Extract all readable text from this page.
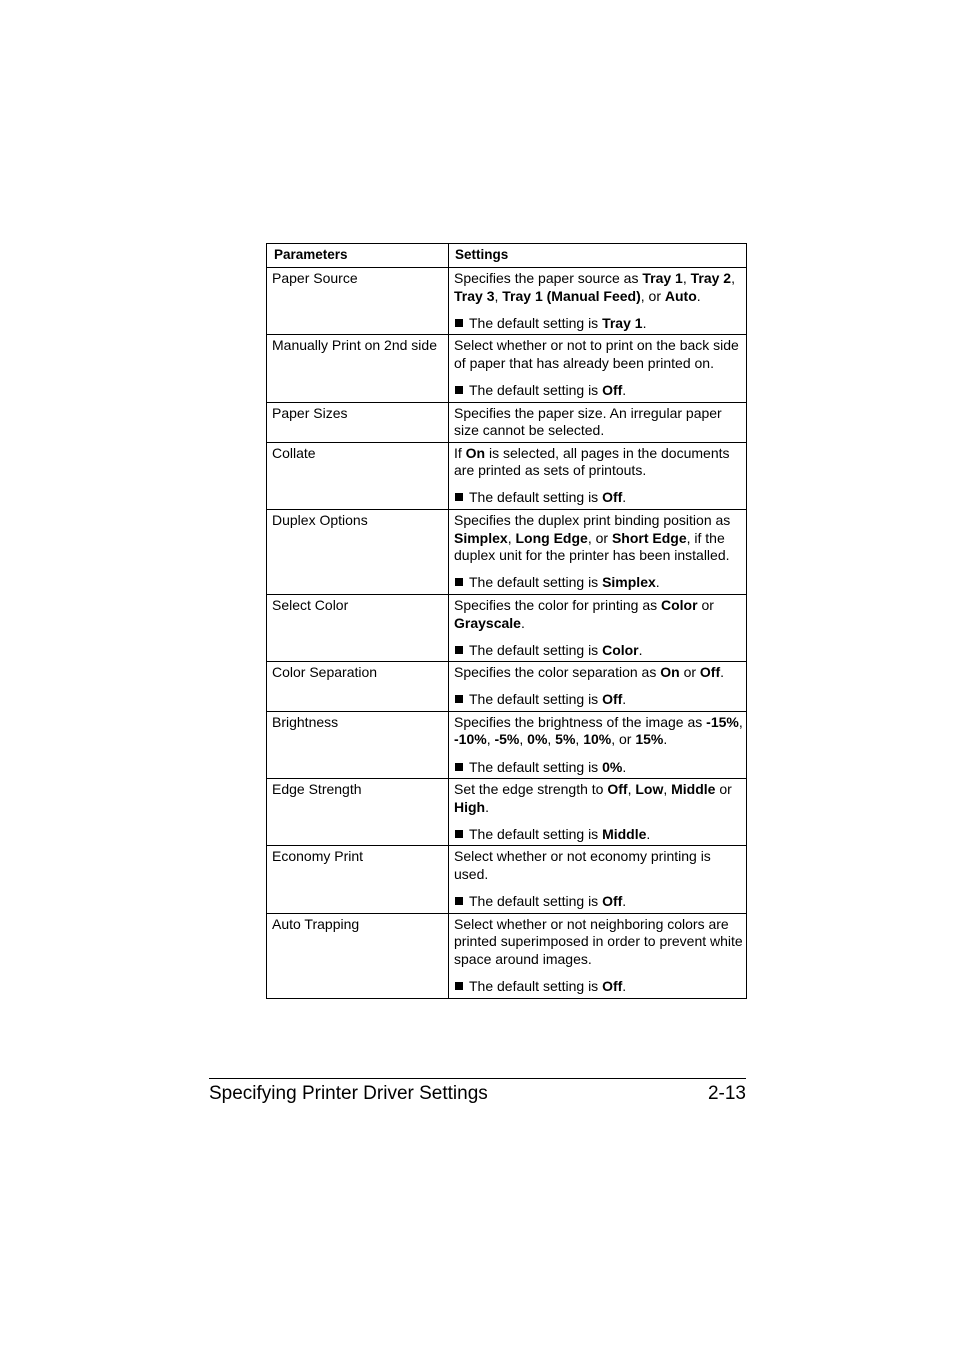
Parameters	Settings
Paper Source	Specifies the paper source as Tray 1, Tray 2, Tray 3, Tray 1 (Manual Feed), or Auto.

The default setting is Tray 1.

Manually Print on 2nd side	Select whether or not to print on the back side of paper that has already been printed on.

The default setting is Off.

Paper Sizes	Specifies the paper size. An irregular paper size cannot be selected.

Collate	If On is selected, all pages in the documents are printed as sets of printouts.

The default setting is Off.

Duplex Options	Specifies the duplex print binding position as Simplex, Long Edge, or Short Edge, if the duplex unit for the printer has been installed.

The default setting is Simplex.

Select Color	Specifies the color for printing as Color or Grayscale.

The default setting is Color.

Color Separation	Specifies the color separation as On or Off.

The default setting is Off.

Brightness	Specifies the brightness of the image as -15%, -10%, -5%, 0%, 5%, 10%, or 15%.

The default setting is 0%.

Edge Strength	Set the edge strength to Off, Low, Middle or High.

The default setting is Middle.

Economy Print	Select whether or not economy printing is used.

The default setting is Off.

Auto Trapping	Select whether or not neighboring colors are printed superimposed in order to prevent white space around images.

The default setting is Off.

Specifying Printer Driver Settings	2-13
